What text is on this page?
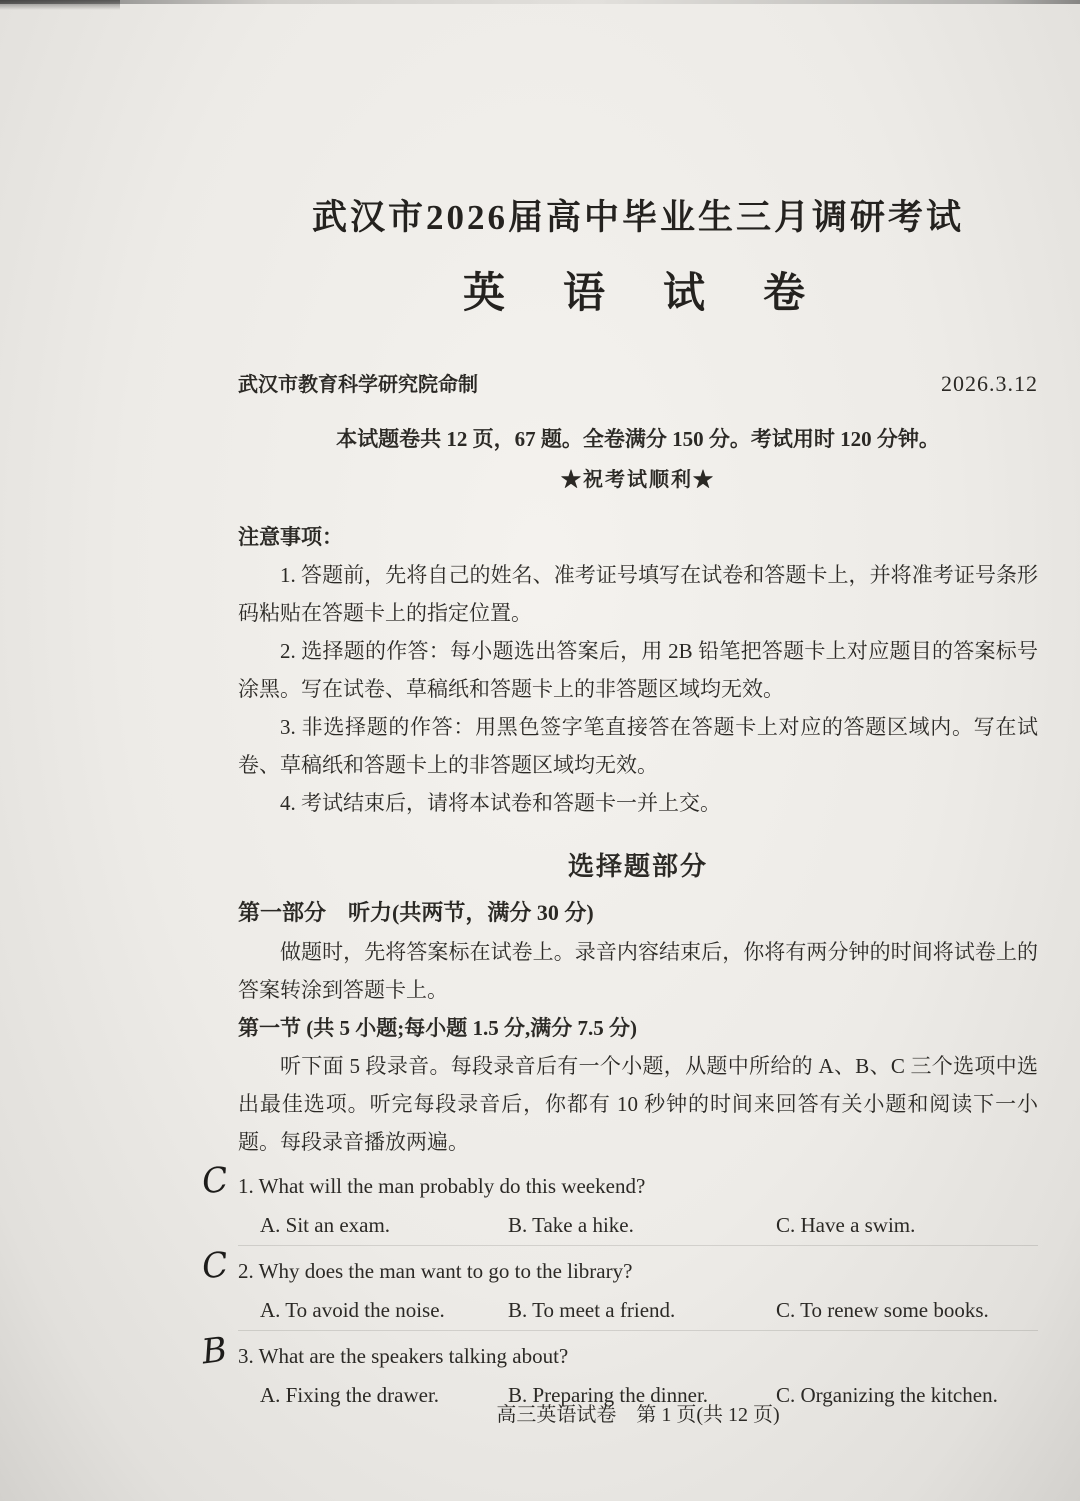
武汉市2026届高中毕业生三月调研考试
英　语　试　卷
武汉市教育科学研究院命制	2026.3.12
本试题卷共 12 页，67 题。全卷满分 150 分。考试用时 120 分钟。
★祝考试顺利★
注意事项：

1. 答题前，先将自己的姓名、准考证号填写在试卷和答题卡上，并将准考证号条形码粘贴在答题卡上的指定位置。

2. 选择题的作答：每小题选出答案后，用 2B 铅笔把答题卡上对应题目的答案标号涂黑。写在试卷、草稿纸和答题卡上的非答题区域均无效。

3. 非选择题的作答：用黑色签字笔直接答在答题卡上对应的答题区域内。写在试卷、草稿纸和答题卡上的非答题区域均无效。

4. 考试结束后，请将本试卷和答题卡一并上交。

选择题部分
第一部分　听力(共两节，满分 30 分)

做题时，先将答案标在试卷上。录音内容结束后，你将有两分钟的时间将试卷上的答案转涂到答题卡上。

第一节 (共 5 小题;每小题 1.5 分,满分 7.5 分)

听下面 5 段录音。每段录音后有一个小题，从题中所给的 A、B、C 三个选项中选出最佳选项。听完每段录音后，你都有 10 秒钟的时间来回答有关小题和阅读下一小题。每段录音播放两遍。

C 1. What will the man probably do this weekend?
A. Sit an exam.	B. Take a hike.	C. Have a swim.
C 2. Why does the man want to go to the library?
A. To avoid the noise.	B. To meet a friend.	C. To renew some books.
B 3. What are the speakers talking about?
A. Fixing the drawer.	B. Preparing the dinner.	C. Organizing the kitchen.
高三英语试卷　第 1 页(共 12 页)
